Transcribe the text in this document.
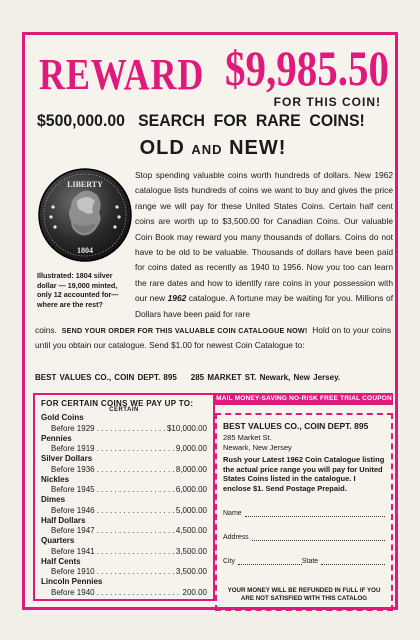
REWARD $9,985.50
FOR THIS COIN!
$500,000.00 SEARCH FOR RARE COINS!
OLD AND NEW!
LIBERTY
1804
Illustrated: 1804 silver dollar — 19,000 minted, only 12 accounted for— where are the rest?

Stop spending valuable coins worth hundreds of dollars. New 1962 catalogue lists hundreds of coins we want to buy and gives the price range we will pay for these United States Coins. Certain half cent coins are worth up to $3,500.00 for Canadian Coins. Our valuable Coin Book may reward you many thousands of dollars. Coins do not have to be old to be valuable. Thousands of dollars have been paid for coins dated as recently as 1940 to 1956. Now you too can learn the rare dates and how to identify rare coins in your possession with our new 1962 catalogue. A fortune may be waiting for you. Millions of Dollars have been paid for rare

coins. SEND YOUR ORDER FOR THIS VALUABLE COIN CATALOGUE NOW! Hold on to your coins until you obtain our catalogue. Send $1.00 for newest Coin Catalogue to:
BEST VALUES CO., COIN DEPT. 895 285 MARKET ST. Newark, New Jersey.
FOR CERTAIN COINS WE PAY UP TO:
CERTAIN
Gold Coins
Before 1929 . . .	$10,000.00
Pennies
Before 1919 . . .	9,000.00
Silver Dollars
Before 1936 . . .	8,000.00
Nickles
Before 1945 . . .	6,000.00
Dimes
Before 1946 . . .	5,000.00
Half Dollars
Before 1947 . . .	4,500.00
Quarters
Before 1941 . . .	3,500.00
Half Cents
Before 1910 . . .	3,500.00
Lincoln Pennies
Before 1940 . . .	200.00
MAIL MONEY-SAVING NO-RISK FREE TRIAL COUPON NOW!
BEST VALUES CO., COIN DEPT. 895
285 Market St.
Newark, New Jersey
Rush your Latest 1962 Coin Catalogue listing the actual price range you will pay for United States Coins listed in the catalogue. I enclose $1. Send Postage Prepaid.
Name
Address
City	State
YOUR MONEY WILL BE REFUNDED IN FULL IF YOU ARE NOT SATISFIED WITH THIS CATALOG
